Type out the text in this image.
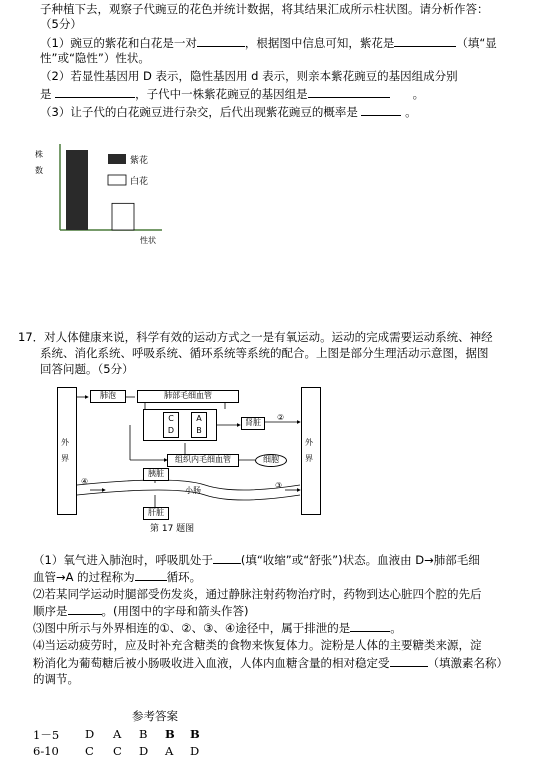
子种植下去，观察子代豌豆的花色并统计数据，将其结果汇成所示柱状图。请分析作答：
（5分）
（1）豌豆的紫花和白花是一对	，根据图中信息可知，紫花是	（填“显
性”或“隐性”）性状。
（2）若显性基因用 D 表示，隐性基因用 d 表示，则亲本紫花豌豆的基因组成分别
是	，子代中一株紫花豌豆的基因组是　　	。
（3）让子代的白花豌豆进行杂交，后代出现紫花豌豆的概率是	。
紫花
白花
株 数
性状
17．对人体健康来说，科学有效的运动方式之一是有氧运动。运动的完成需要运动系统、神经
系统、消化系统、呼吸系统、循环系统等系统的配合。上图是部分生理活动示意图，据图
回答问题。（5分）
外界
外界
肺泡	肺部毛细血管
C
D
A
B
肾脏
②
组织内毛细血管	细胞
胰脏
小肠
④	③
肝脏
第 17 题图
（1）氧气进入肺泡时，呼吸肌处于 (填“收缩”或“舒张”)状态。血液由 D→肺部毛细
血管→A 的过程称为	循环。
⑵若某同学运动时腿部受伤发炎，通过静脉注射药物治疗时，药物到达心脏四个腔的先后
顺序是	。(用图中的字母和箭头作答)
⑶图中所示与外界相连的①、②、③、④途径中，属于排泄的是	。
⑷当运动疲劳时，应及时补充含糖类的食物来恢复体力。淀粉是人体的主要糖类来源，淀
粉消化为葡萄糖后被小肠吸收进入血液，人体内血糖含量的相对稳定受	（填激素名称）
的调节。
参考答案
1－5 D A B B B
6-10 C C D A D
